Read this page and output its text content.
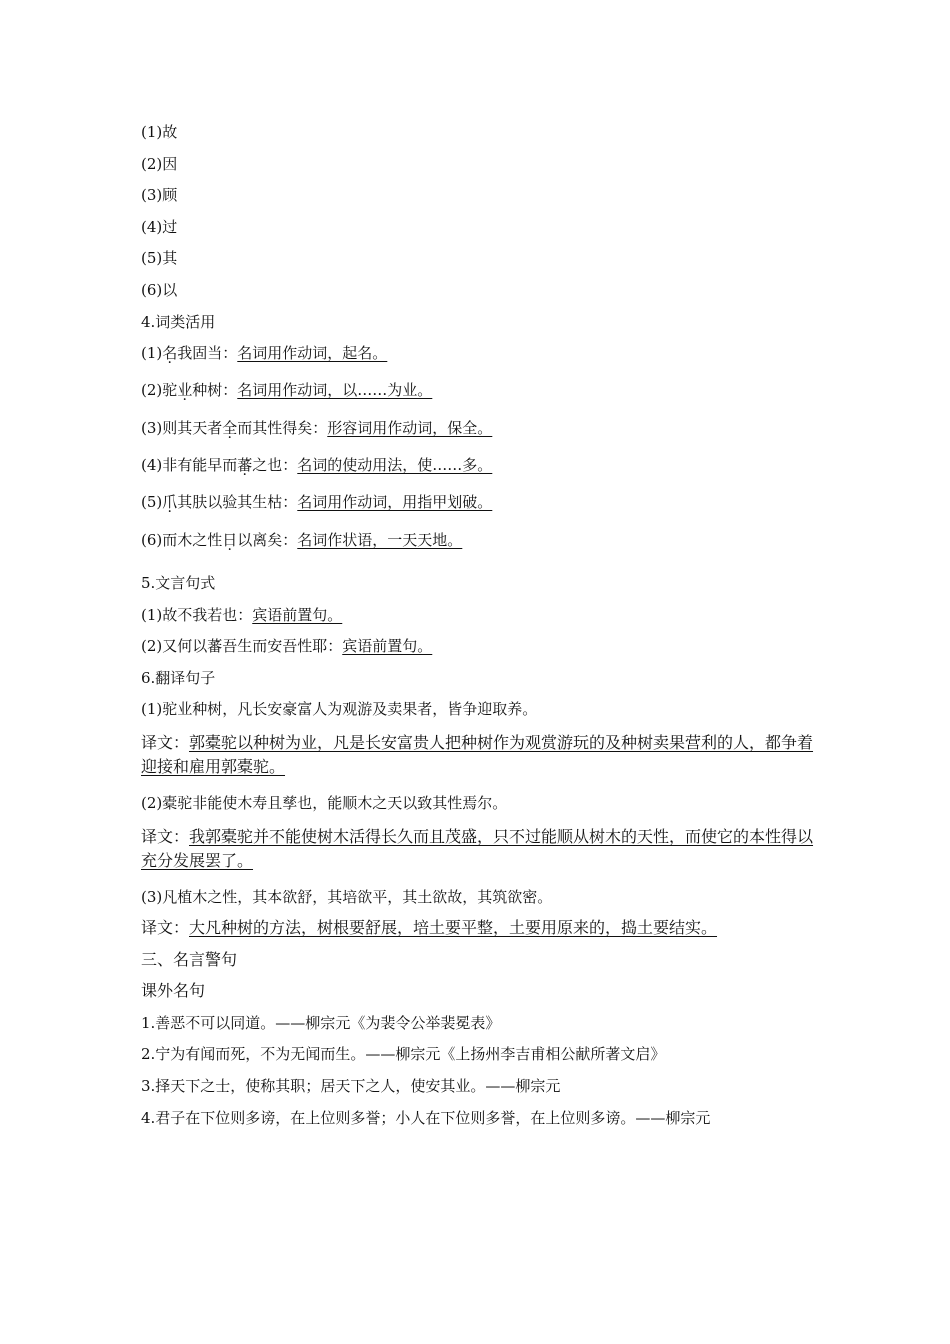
(1)故
(2)因
(3)顾
(4)过
(5)其
(6)以
4.词类活用
(1)名我固当：名词用作动词，起名。
(2)驼业种树：名词用作动词，以……为业。
(3)则其天者全而其性得矣：形容词用作动词，保全。
(4)非有能早而蕃之也：名词的使动用法，使……多。
(5)爪其肤以验其生枯：名词用作动词，用指甲划破。
(6)而木之性日以离矣：名词作状语，一天天地。
5.文言句式
(1)故不我若也：宾语前置句。
(2)又何以蕃吾生而安吾性耶：宾语前置句。
6.翻译句子
(1)驼业种树，凡长安豪富人为观游及卖果者，皆争迎取养。
译文：郭橐驼以种树为业，凡是长安富贵人把种树作为观赏游玩的及种树卖果营利的人，都争着迎接和雇用郭橐驼。
(2)橐驼非能使木寿且孳也，能顺木之天以致其性焉尔。
译文：我郭橐驼并不能使树木活得长久而且茂盛，只不过能顺从树木的天性，而使它的本性得以充分发展罢了。
(3)凡植木之性，其本欲舒，其培欲平，其土欲故，其筑欲密。
译文：大凡种树的方法，树根要舒展，培土要平整，土要用原来的，捣土要结实。
三、名言警句
课外名句
1.善恶不可以同道。——柳宗元《为裴令公举裴冕表》
2.宁为有闻而死，不为无闻而生。——柳宗元《上扬州李吉甫相公献所著文启》
3.择天下之士，使称其职；居天下之人，使安其业。——柳宗元
4.君子在下位则多谤，在上位则多誉；小人在下位则多誉，在上位则多谤。——柳宗元
